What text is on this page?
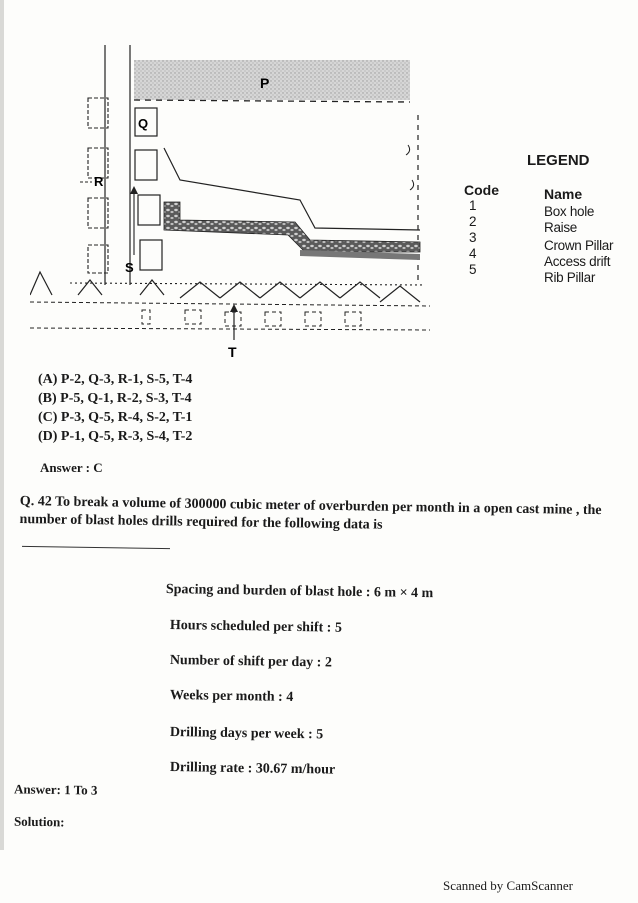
P
Q
R
S
T
LEGEND
Code	Name
1
2
3
4
5
Box hole
Raise
Crown Pillar
Access drift
Rib Pillar
(A) P-2, Q-3, R-1, S-5, T-4
(B) P-5, Q-1, R-2, S-3, T-4
(C) P-3, Q-5, R-4, S-2, T-1
(D) P-1, Q-5, R-3, S-4, T-2
Answer : C
Q. 42 To break a volume of 300000 cubic meter of overburden per month in a open cast mine , the number of blast holes drills required for the following data is
Spacing and burden of blast hole : 6 m × 4 m
Hours scheduled per shift : 5
Number of shift per day : 2
Weeks per month : 4
Drilling days per week : 5
Drilling rate : 30.67 m/hour
Answer: 1 To 3
Solution:
Scanned by CamScanner
